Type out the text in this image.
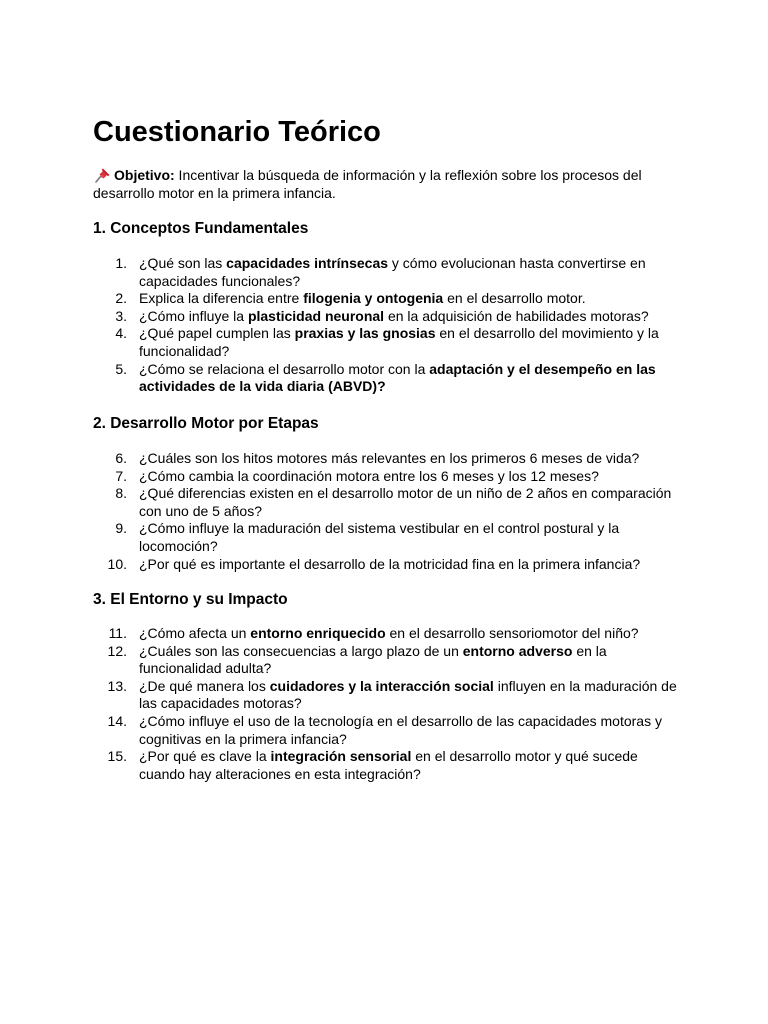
Cuestionario Teórico

Objetivo: Incentivar la búsqueda de información y la reflexión sobre los procesos del desarrollo motor en la primera infancia.

1. Conceptos Fundamentales
1. ¿Qué son las capacidades intrínsecas y cómo evolucionan hasta convertirse en capacidades funcionales?
2. Explica la diferencia entre filogenia y ontogenia en el desarrollo motor.
3. ¿Cómo influye la plasticidad neuronal en la adquisición de habilidades motoras?
4. ¿Qué papel cumplen las praxias y las gnosias en el desarrollo del movimiento y la funcionalidad?
5. ¿Cómo se relaciona el desarrollo motor con la adaptación y el desempeño en las actividades de la vida diaria (ABVD)?
2. Desarrollo Motor por Etapas
6. ¿Cuáles son los hitos motores más relevantes en los primeros 6 meses de vida?
7. ¿Cómo cambia la coordinación motora entre los 6 meses y los 12 meses?
8. ¿Qué diferencias existen en el desarrollo motor de un niño de 2 años en comparación con uno de 5 años?
9. ¿Cómo influye la maduración del sistema vestibular en el control postural y la locomoción?
10. ¿Por qué es importante el desarrollo de la motricidad fina en la primera infancia?
3. El Entorno y su Impacto
11. ¿Cómo afecta un entorno enriquecido en el desarrollo sensoriomotor del niño?
12. ¿Cuáles son las consecuencias a largo plazo de un entorno adverso en la funcionalidad adulta?
13. ¿De qué manera los cuidadores y la interacción social influyen en la maduración de las capacidades motoras?
14. ¿Cómo influye el uso de la tecnología en el desarrollo de las capacidades motoras y cognitivas en la primera infancia?
15. ¿Por qué es clave la integración sensorial en el desarrollo motor y qué sucede cuando hay alteraciones en esta integración?
